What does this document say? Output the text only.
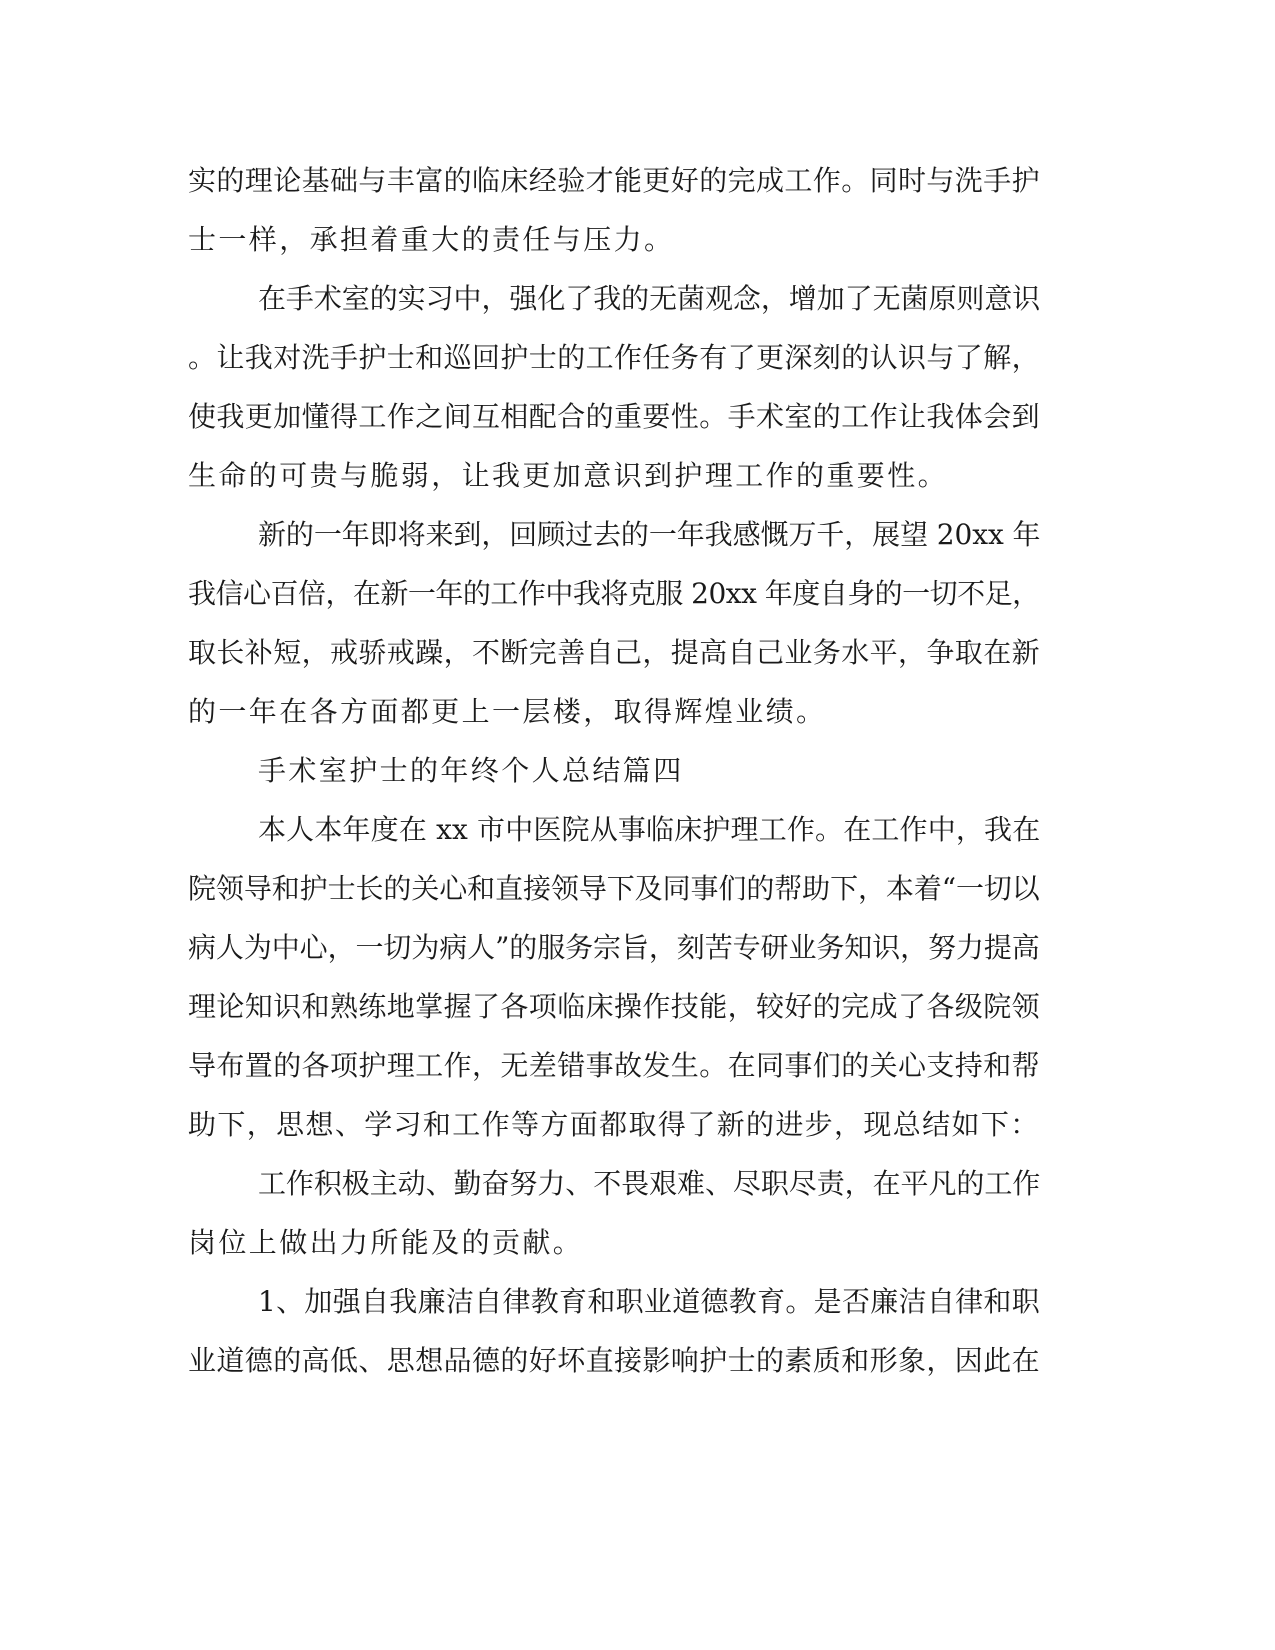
实的理论基础与丰富的临床经验才能更好的完成工作。同时与洗手护
士一样，承担着重大的责任与压力。
在手术室的实习中，强化了我的无菌观念，增加了无菌原则意识
。让我对洗手护士和巡回护士的工作任务有了更深刻的认识与了解，
使我更加懂得工作之间互相配合的重要性。手术室的工作让我体会到
生命的可贵与脆弱，让我更加意识到护理工作的重要性。
新的一年即将来到，回顾过去的一年我感慨万千，展望 20xx 年
我信心百倍，在新一年的工作中我将克服 20xx 年度自身的一切不足，
取长补短，戒骄戒躁，不断完善自己，提高自己业务水平，争取在新
的一年在各方面都更上一层楼，取得辉煌业绩。
手术室护士的年终个人总结篇四
本人本年度在 xx 市中医院从事临床护理工作。在工作中，我在
院领导和护士长的关心和直接领导下及同事们的帮助下，本着“一切以
病人为中心，一切为病人”的服务宗旨，刻苦专研业务知识，努力提高
理论知识和熟练地掌握了各项临床操作技能，较好的完成了各级院领
导布置的各项护理工作，无差错事故发生。在同事们的关心支持和帮
助下，思想、学习和工作等方面都取得了新的进步，现总结如下：
工作积极主动、勤奋努力、不畏艰难、尽职尽责，在平凡的工作
岗位上做出力所能及的贡献。
1、加强自我廉洁自律教育和职业道德教育。是否廉洁自律和职
业道德的高低、思想品德的好坏直接影响护士的素质和形象，因此在
